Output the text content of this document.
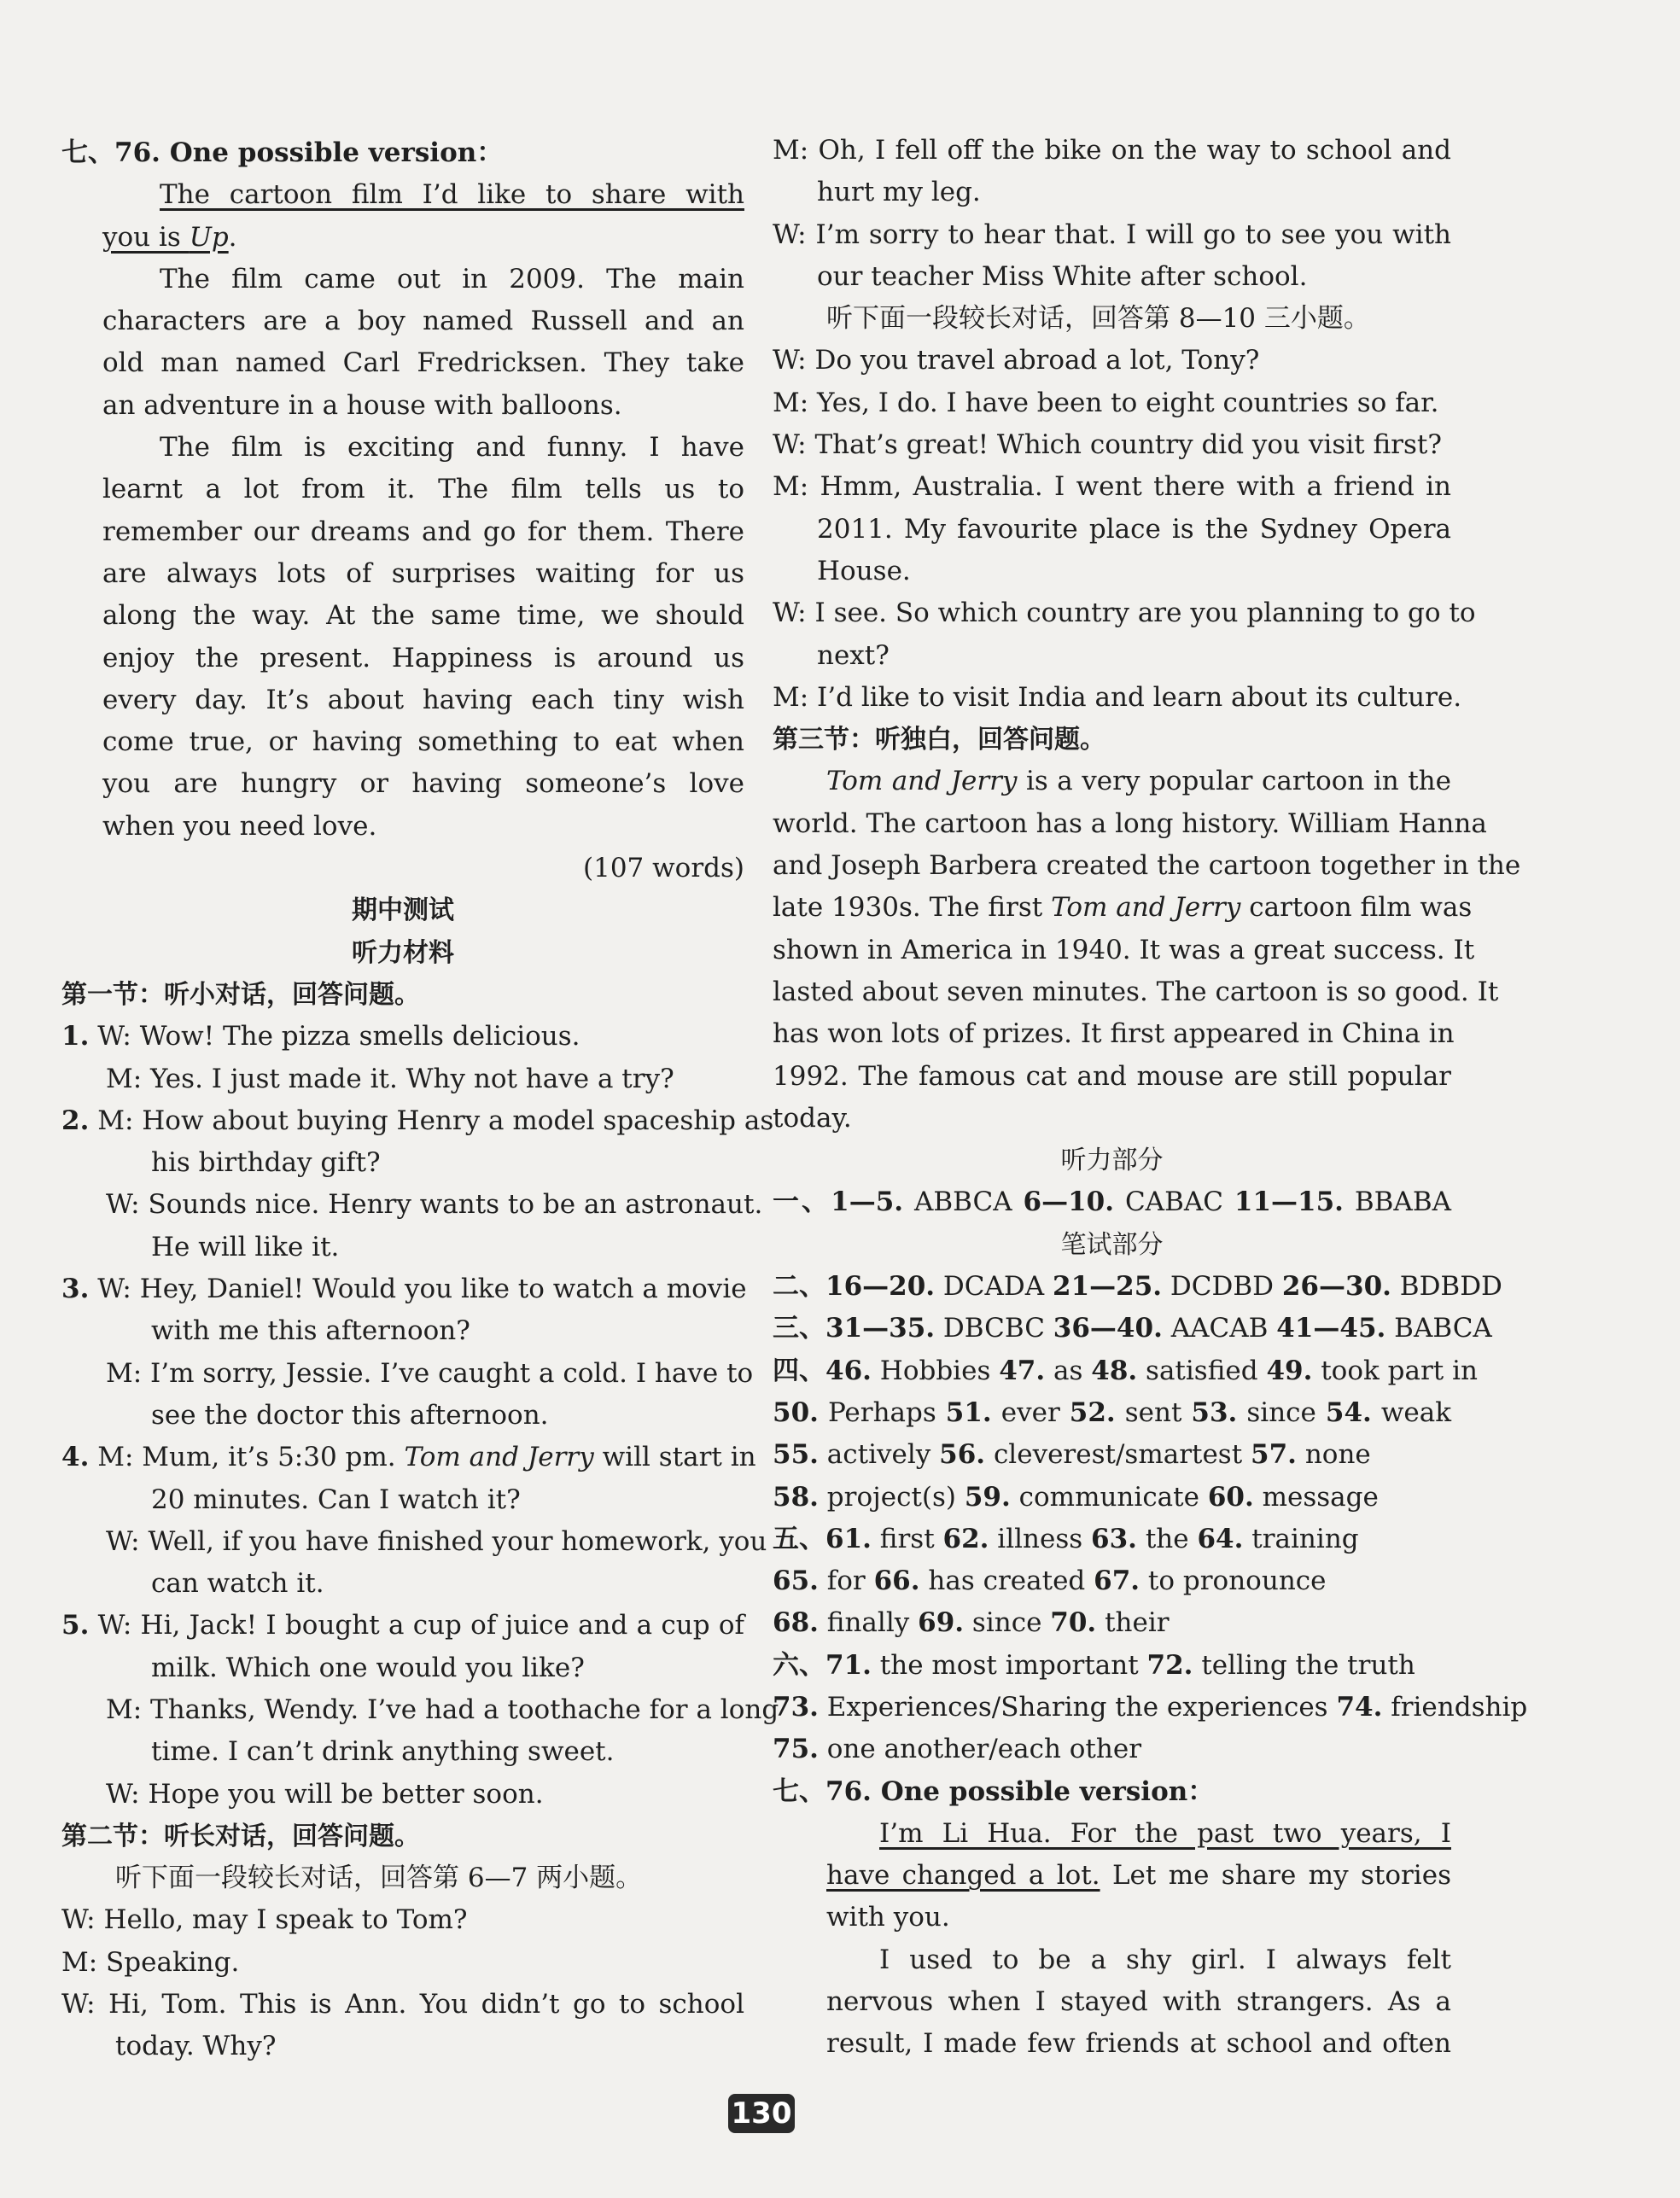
七、76. One possible version：
The cartoon film I’d like to share with
you is Up.
The film came out in 2009. The main
characters are a boy named Russell and an
old man named Carl Fredricksen. They take
an adventure in a house with balloons.
The film is exciting and funny. I have
learnt a lot from it. The film tells us to
remember our dreams and go for them. There
are always lots of surprises waiting for us
along the way. At the same time, we should
enjoy the present. Happiness is around us
every day. It’s about having each tiny wish
come true, or having something to eat when
you are hungry or having someone’s love
when you need love.
(107 words)
期中测试
听力材料
第一节：听小对话，回答问题。
1. W: Wow! The pizza smells delicious.
M: Yes. I just made it. Why not have a try?
2. M: How about buying Henry a model spaceship as
his birthday gift?
W: Sounds nice. Henry wants to be an astronaut.
He will like it.
3. W: Hey, Daniel! Would you like to watch a movie
with me this afternoon?
M: I’m sorry, Jessie. I’ve caught a cold. I have to
see the doctor this afternoon.
4. M: Mum, it’s 5:30 pm. Tom and Jerry will start in
20 minutes. Can I watch it?
W: Well, if you have finished your homework, you
can watch it.
5. W: Hi, Jack! I bought a cup of juice and a cup of
milk. Which one would you like?
M: Thanks, Wendy. I’ve had a toothache for a long
time. I can’t drink anything sweet.
W: Hope you will be better soon.
第二节：听长对话，回答问题。
听下面一段较长对话，回答第 6—7 两小题。
W: Hello, may I speak to Tom?
M: Speaking.
W: Hi, Tom. This is Ann. You didn’t go to school
today. Why?
M: Oh, I fell off the bike on the way to school and
hurt my leg.
W: I’m sorry to hear that. I will go to see you with
our teacher Miss White after school.
听下面一段较长对话，回答第 8—10 三小题。
W: Do you travel abroad a lot, Tony?
M: Yes, I do. I have been to eight countries so far.
W: That’s great! Which country did you visit first?
M: Hmm, Australia. I went there with a friend in
2011. My favourite place is the Sydney Opera
House.
W: I see. So which country are you planning to go to
next?
M: I’d like to visit India and learn about its culture.
第三节：听独白，回答问题。
Tom and Jerry is a very popular cartoon in the
world. The cartoon has a long history. William Hanna
and Joseph Barbera created the cartoon together in the
late 1930s. The first Tom and Jerry cartoon film was
shown in America in 1940. It was a great success. It
lasted about seven minutes. The cartoon is so good. It
has won lots of prizes. It first appeared in China in
1992. The famous cat and mouse are still popular
today.
听力部分
一、1—5. ABBCA 6—10. CABAC 11—15. BBABA
笔试部分
二、16—20. DCADA 21—25. DCDBD 26—30. BDBDD
三、31—35. DBCBC 36—40. AACAB 41—45. BABCA
四、46. Hobbies 47. as 48. satisfied 49. took part in
50. Perhaps 51. ever 52. sent 53. since 54. weak
55. actively 56. cleverest/smartest 57. none
58. project(s) 59. communicate 60. message
五、61. first 62. illness 63. the 64. training
65. for 66. has created 67. to pronounce
68. finally 69. since 70. their
六、71. the most important 72. telling the truth
73. Experiences/Sharing the experiences 74. friendship
75. one another/each other
七、76. One possible version：
I’m Li Hua. For the past two years, I
have changed a lot. Let me share my stories
with you.
I used to be a shy girl. I always felt
nervous when I stayed with strangers. As a
result, I made few friends at school and often
130
